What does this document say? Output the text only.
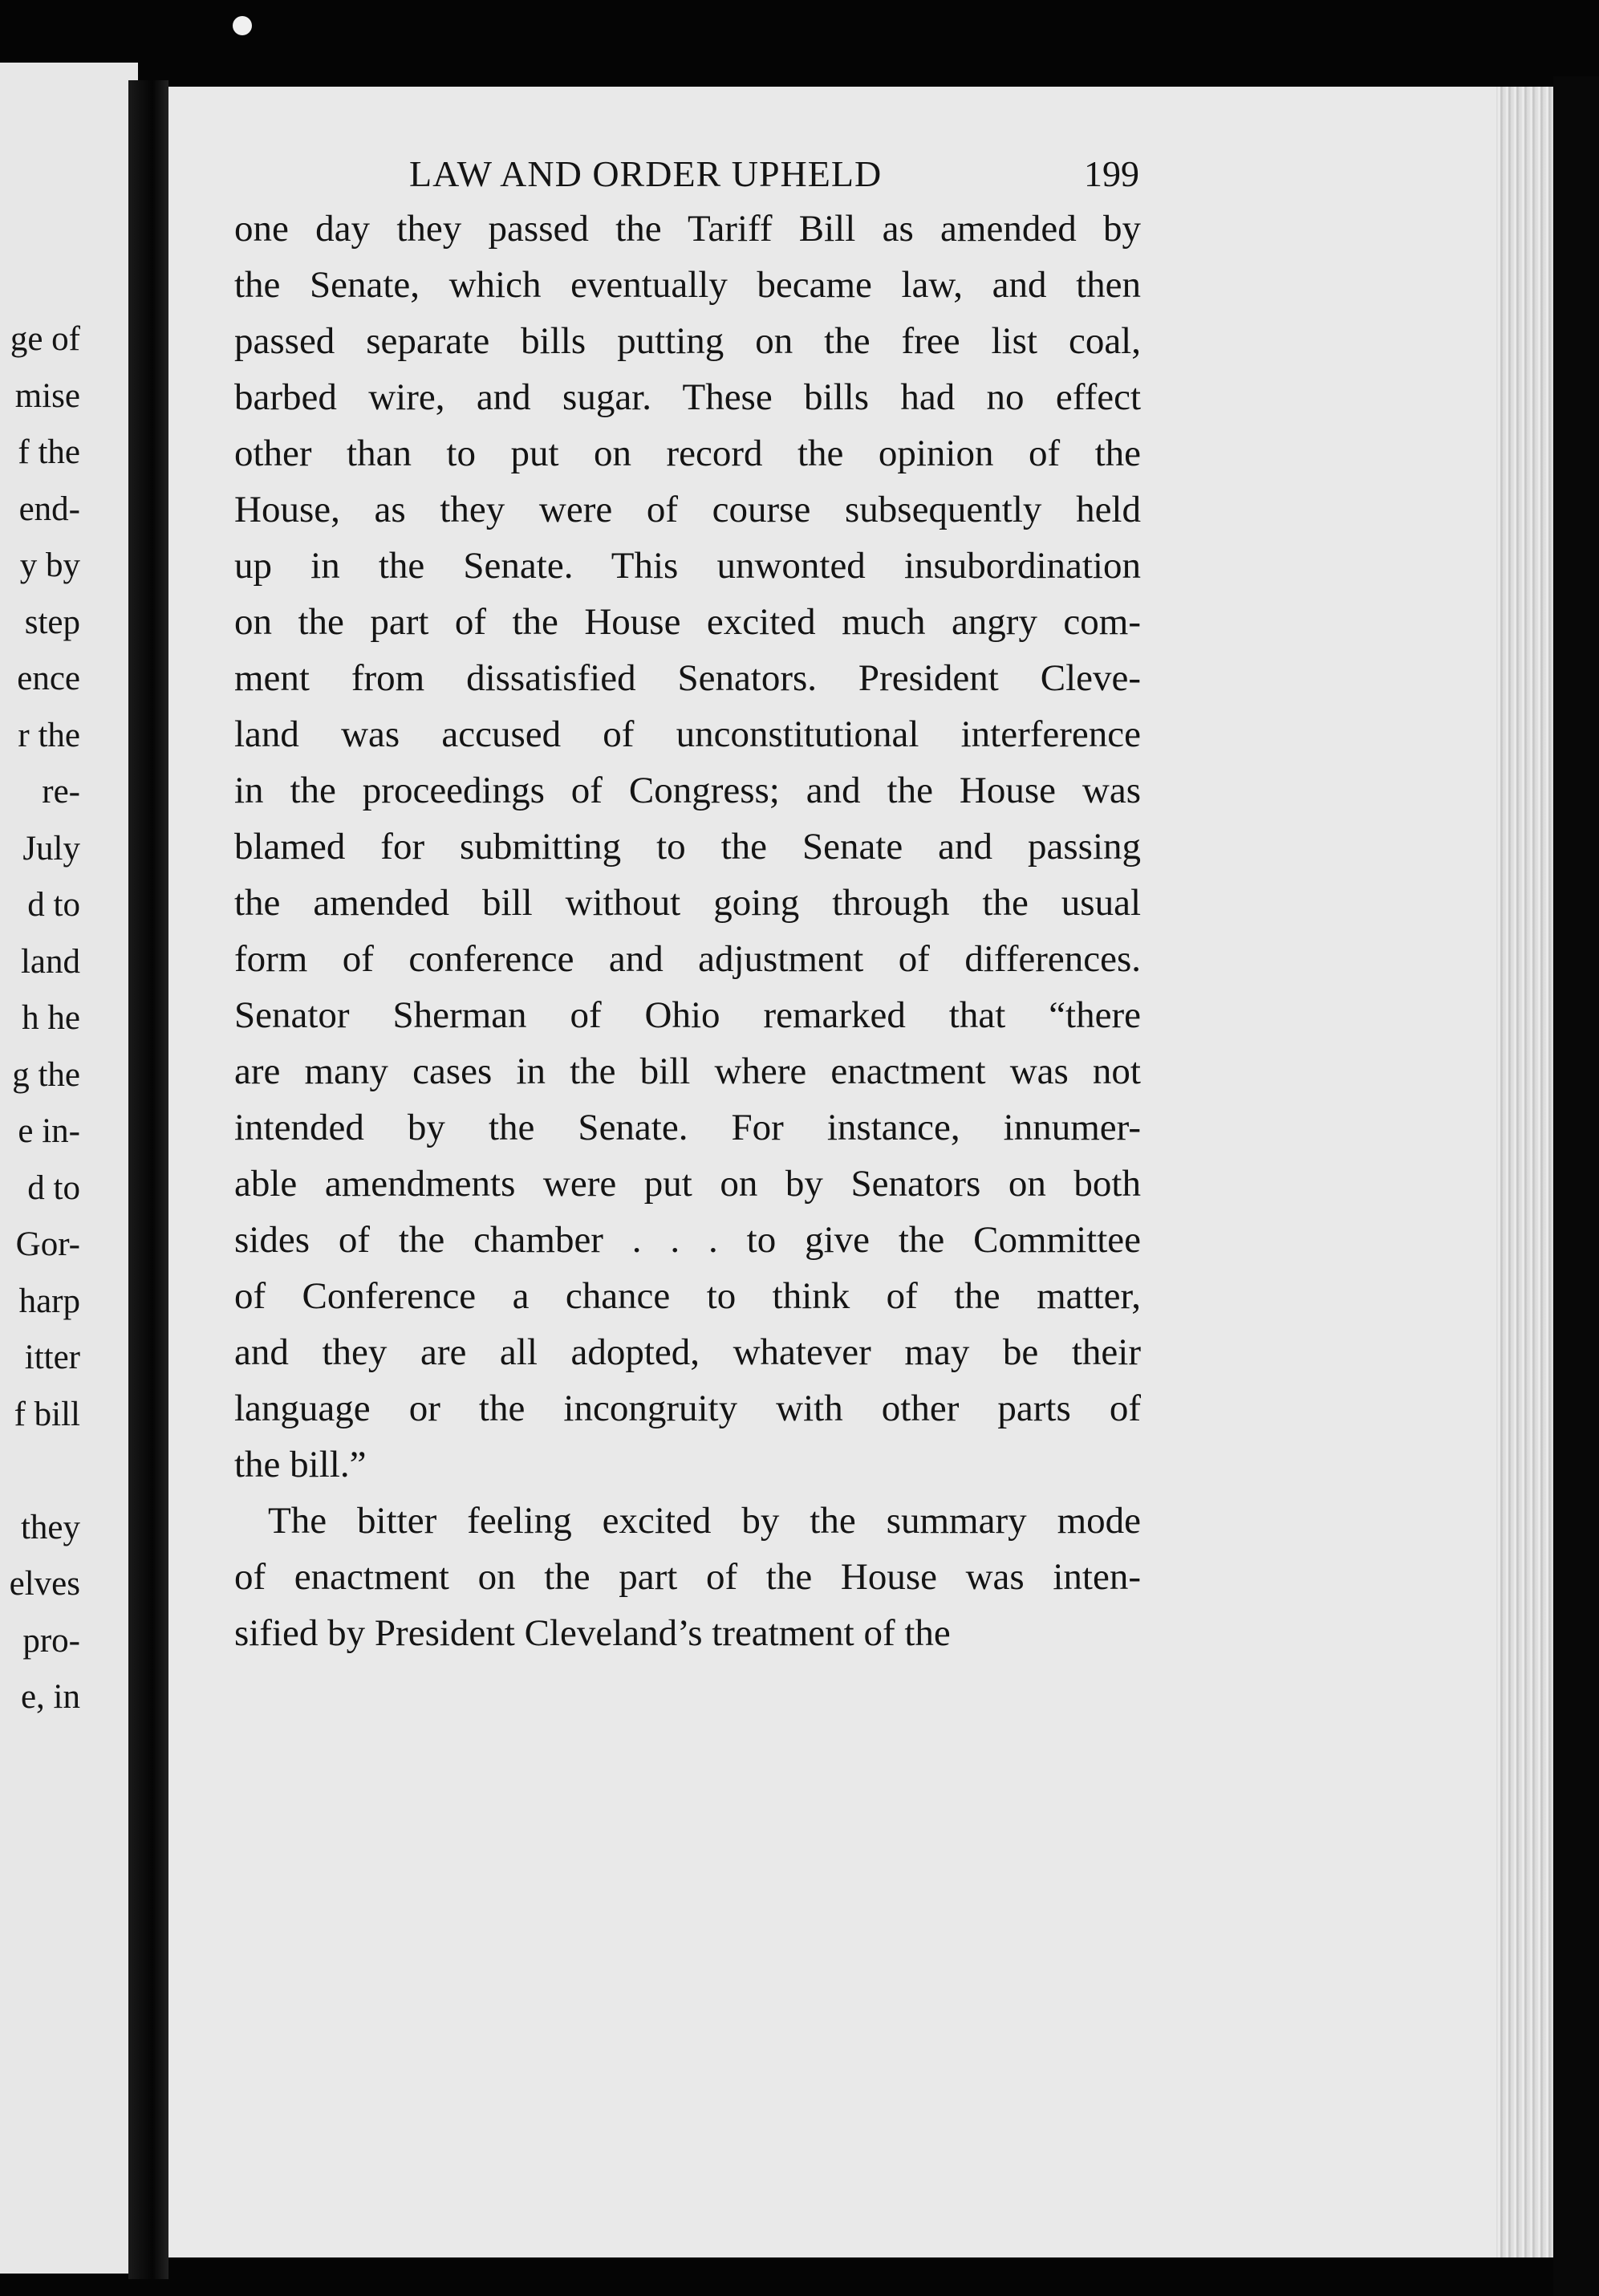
ge of
mise
f the
end-
y by
step
ence
r the
re-
July
d to
land
h he
g the
e in-
d to
Gor-
harp
itter
f bill
they
elves
pro-
e, in
LAW AND ORDER UPHELD	199
one day they passed the Tariff Bill as amended by
the Senate, which eventually became law, and then
passed separate bills putting on the free list coal,
barbed wire, and sugar. These bills had no effect
other than to put on record the opinion of the
House, as they were of course subsequently held
up in the Senate. This unwonted insubordination
on the part of the House excited much angry com-
ment from dissatisfied Senators. President Cleve-
land was accused of unconstitutional interference
in the proceedings of Congress; and the House was
blamed for submitting to the Senate and passing
the amended bill without going through the usual
form of conference and adjustment of differences.
Senator Sherman of Ohio remarked that “there
are many cases in the bill where enactment was not
intended by the Senate. For instance, innumer-
able amendments were put on by Senators on both
sides of the chamber . . . to give the Committee
of Conference a chance to think of the matter,
and they are all adopted, whatever may be their
language or the incongruity with other parts of
the bill.”
The bitter feeling excited by the summary mode
of enactment on the part of the House was inten-
sified by President Cleveland’s treatment of the
